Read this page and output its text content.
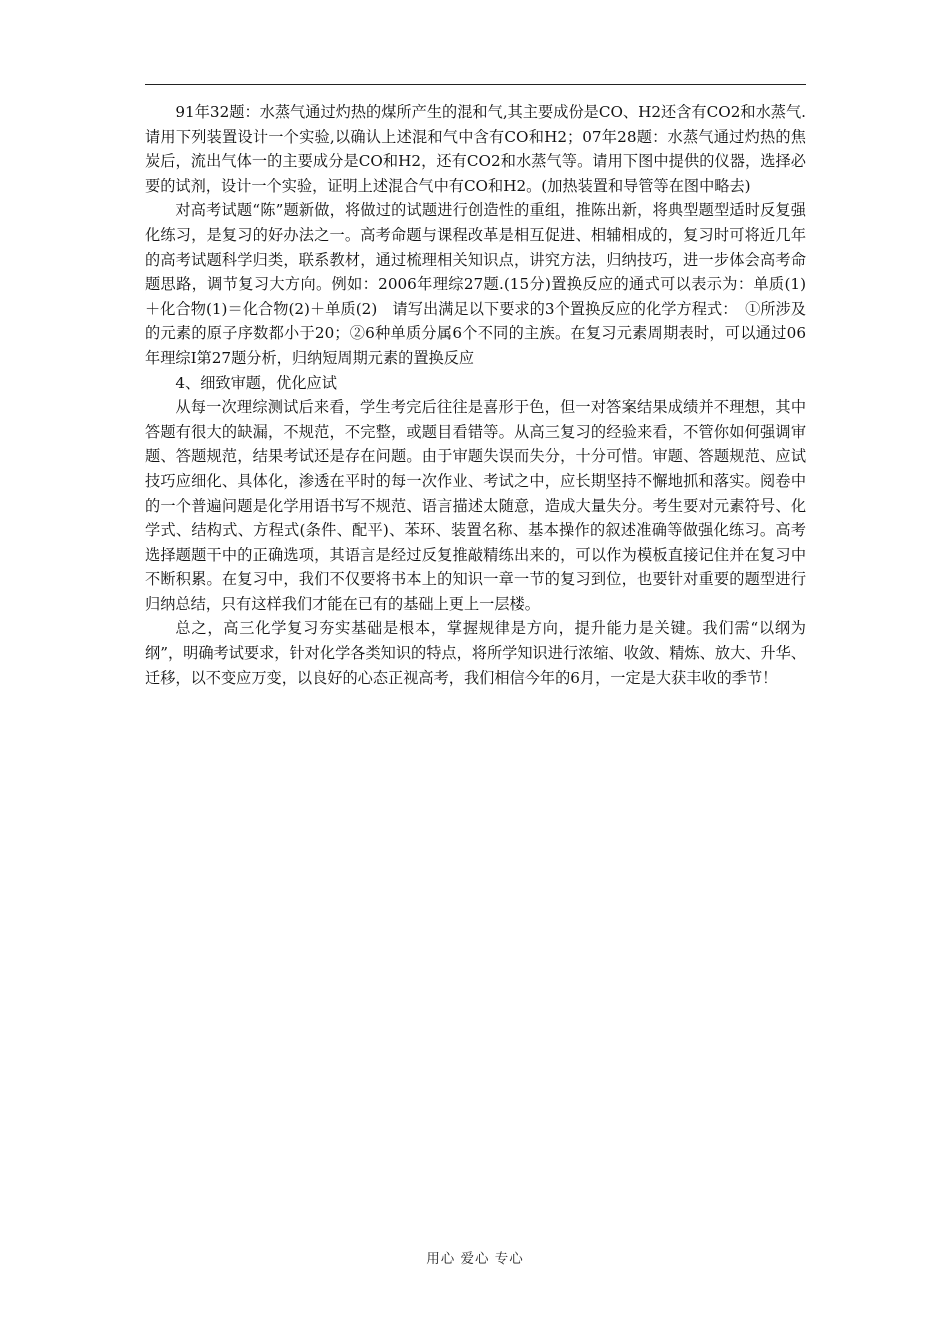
91年32题：水蒸气通过灼热的煤所产生的混和气,其主要成份是CO、H2还含有CO2和水蒸气.请用下列装置设计一个实验,以确认上述混和气中含有CO和H2；07年28题：水蒸气通过灼热的焦炭后，流出气体一的主要成分是CO和H2，还有CO2和水蒸气等。请用下图中提供的仪器，选择必要的试剂，设计一个实验，证明上述混合气中有CO和H2。(加热装置和导管等在图中略去)

对高考试题“陈”题新做，将做过的试题进行创造性的重组，推陈出新，将典型题型适时反复强化练习，是复习的好办法之一。高考命题与课程改革是相互促进、相辅相成的，复习时可将近几年的高考试题科学归类，联系教材，通过梳理相关知识点，讲究方法，归纳技巧，进一步体会高考命题思路，调节复习大方向。例如：2006年理综27题.(15分)置换反应的通式可以表示为：单质(1)＋化合物(1)＝化合物(2)＋单质(2)　请写出满足以下要求的3个置换反应的化学方程式：　①所涉及的元素的原子序数都小于20；②6种单质分属6个不同的主族。在复习元素周期表时，可以通过06年理综Ⅰ第27题分析，归纳短周期元素的置换反应

4、细致审题，优化应试

从每一次理综测试后来看，学生考完后往往是喜形于色，但一对答案结果成绩并不理想，其中答题有很大的缺漏，不规范，不完整，或题目看错等。从高三复习的经验来看，不管你如何强调审题、答题规范，结果考试还是存在问题。由于审题失误而失分，十分可惜。审题、答题规范、应试技巧应细化、具体化，渗透在平时的每一次作业、考试之中，应长期坚持不懈地抓和落实。阅卷中的一个普遍问题是化学用语书写不规范、语言描述太随意，造成大量失分。考生要对元素符号、化学式、结构式、方程式(条件、配平)、苯环、装置名称、基本操作的叙述准确等做强化练习。高考选择题题干中的正确选项，其语言是经过反复推敲精练出来的，可以作为模板直接记住并在复习中不断积累。在复习中，我们不仅要将书本上的知识一章一节的复习到位，也要针对重要的题型进行归纳总结，只有这样我们才能在已有的基础上更上一层楼。

总之，高三化学复习夯实基础是根本，掌握规律是方向，提升能力是关键。我们需“以纲为纲”，明确考试要求，针对化学各类知识的特点，将所学知识进行浓缩、收敛、精炼、放大、升华、迁移，以不变应万变，以良好的心态正视高考，我们相信今年的6月，一定是大获丰收的季节！

用心 爱心 专心
